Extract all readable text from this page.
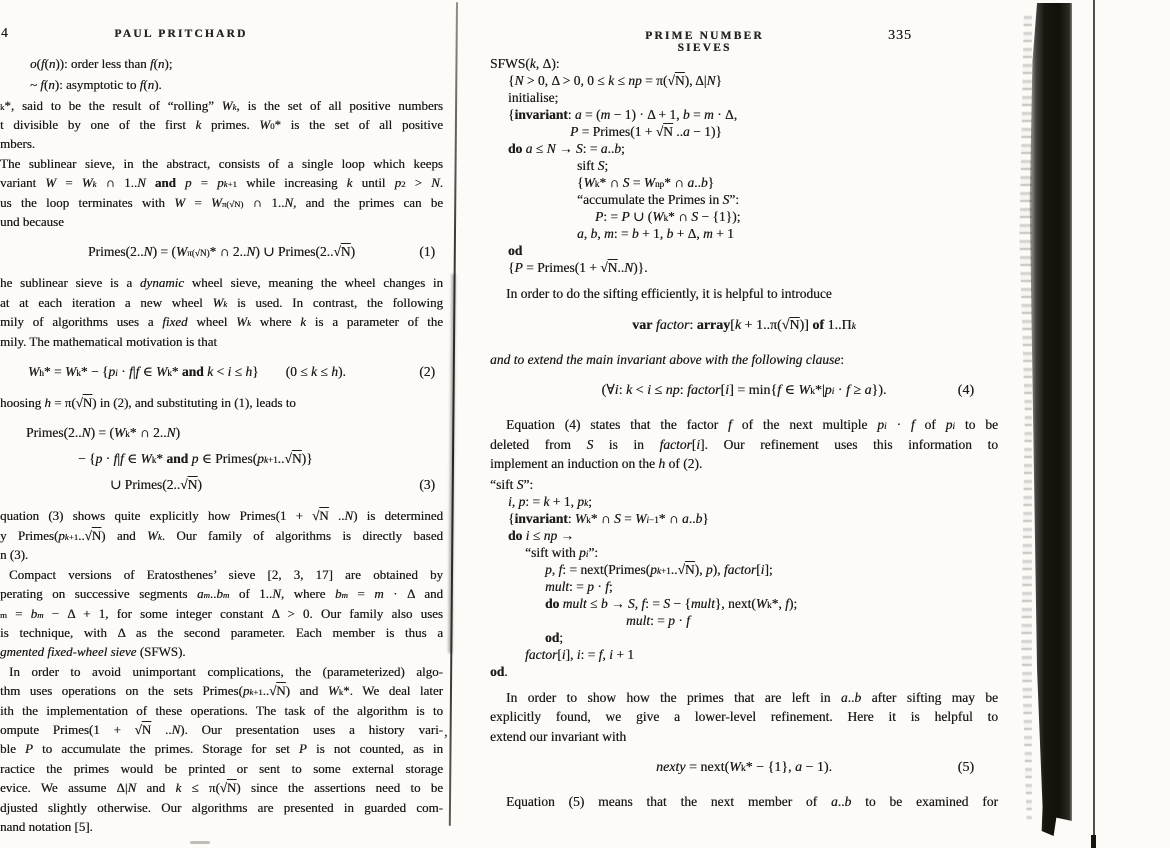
4	PAUL PRITCHARD
o(f(n)): order less than f(n);
~ f(n): asymptotic to f(n).
$_k$*, said to be the result of “rolling” $W_k$, is the set of all positive numbers
t divisible by one of the first k primes. $W_0*$ is the set of all positive
mbers.
The sublinear sieve, in the abstract, consists of a single loop which keeps
variant $W = W_k$ ∩ 1..N and $p = p_{k+1}$ while increasing k until $p^2 > N$.
us the loop terminates with $W = W_{\pi(√N)}$ ∩ 1..N, and the primes can be
und because
Primes(2..N) = ($W_{\pi(√N)}*$ ∩ 2..N) ∪ Primes(2..√N)	(1)
he sublinear sieve is a dynamic wheel sieve, meaning the wheel changes in
at at each iteration a new wheel $W_k$ is used. In contrast, the following
mily of algorithms uses a fixed wheel $W_k$ where k is a parameter of the
mily. The mathematical motivation is that
$W_h* = W_k* - \{p_i \cdot f|f$ ∈ $W_k*$ and k < i ≤ h}  (0 ≤ k ≤ h).	(2)
hoosing h = π(√N) in (2), and substituting in (1), leads to
Primes(2..N) = ($W_k*$ ∩ 2..N)
− {p · f|f ∈ $W_k*$ and p ∈ $Primes(p_{k+1}..√N)$}
∪ Primes(2..√N)	(3)
quation (3) shows quite explicitly how Primes(1 + √N ..N) is determined
y $Primes(p_{k+1}..√N)$ and $W_k$. Our family of algorithms is directly based
n (3).
Compact versions of Eratosthenes’ sieve [2, 3, 17] are obtained by
perating on successive segments $a_m..b_m$ of 1..N, where $b_m = m \cdot \Delta$ and
$_m = b_m - \Delta + 1$, for some integer constant Δ > 0. Our family also uses
is technique, with Δ as the second parameter. Each member is thus a
gmented fixed-wheel sieve (SFWS).
In order to avoid unimportant complications, the (parameterized) algo-
thm uses operations on the sets $Primes(p_{k+1}..√N)$ and $W_k*$. We deal later
ith the implementation of these operations. The task of the algorithm is to
ompute Primes(1 + √N ..N). Our presentation uses a history vari-
ble P to accumulate the primes. Storage for set P is not counted, as in
ractice the primes would be printed or sent to some external storage
evice. We assume Δ|N and k ≤ π(√N) since the assertions need to be
djusted slightly otherwise. Our algorithms are presented in guarded com-
nand notation [5].
PRIME NUMBER SIEVES
335
SFWS(k, Δ):
{N > 0, Δ > 0, 0 ≤ k ≤ np = π(√N), Δ|N}
initialise;
{invariant: a = (m − 1) · Δ + 1, b = m · Δ,
P = Primes(1 + √N ..a − 1)}
do a ≤ N → S: = a..b;
sift S;
{$W_k*$ ∩ $S = W_{np}*$ ∩ a..b}
“accumulate the Primes in S”:
P: = P ∪ ($W_k*$ ∩ S − {1});
a, b, m: = b + 1, b + Δ, m + 1
od
{P = Primes(1 + √N..N)}.
In order to do the sifting efficiently, it is helpful to introduce
var factor: array[k + 1..π(√N)] of $1..\Pi_k$
and to extend the main invariant above with the following clause:
(∀i: k < i ≤ np: factor[i] = min{f ∈ $W_k*|p_i \cdot f \ge a$}).	(4)
Equation (4) states that the factor f of the next multiple $p_i \cdot f$ of $p_i$ to be
deleted from S is in factor[i]. Our refinement uses this information to
implement an induction on the h of (2).
“sift S”:
i, p: = k + 1, $p_k$;
{invariant: $W_k*$ ∩ $S = W_{i-1}*$ ∩ a..b}
do i ≤ np →
“sift with $p_i$”:
p, f: = $next(Primes(p_{k+1}..√N)$, p), factor[i];
mult: = p · f;
do mult ≤ b → S, f: = S − {mult}, $next(W_k*$, f);
mult: = p · f
od;
factor[i], i: = f, i + 1
od.
In order to show how the primes that are left in a..b after sifting may be
explicitly found, we give a lower-level refinement. Here it is helpful to
extend our invariant with
nexty = $next(W_k* - \{1\}$, a − 1).	(5)
Equation (5) means that the next member of a..b to be examined for
,
